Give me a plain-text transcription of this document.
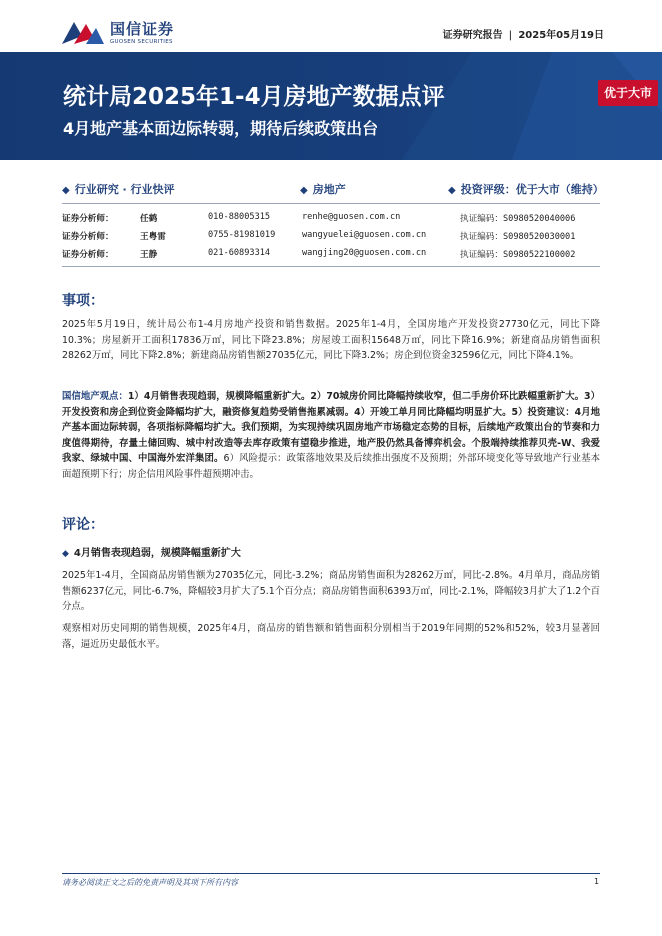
国信证券
GUOSEN SECURITIES
证券研究报告 | 2025年05月19日
统计局2025年1-4月房地产数据点评
4月地产基本面边际转弱，期待后续政策出台
优于大市
◆ 行业研究 · 行业快评	◆ 房地产	◆ 投资评级：优于大市（维持）
证券分析师：	任鹤	010-88005315	renhe@guosen.com.cn	执证编码：S0980520040006
证券分析师：	王粤雷	0755-81981019	wangyuelei@guosen.com.cn	执证编码：S0980520030001
证券分析师：	王静	021-60893314	wangjing20@guosen.com.cn	执证编码：S0980522100002
事项：
2025年5月19日，统计局公布1-4月房地产投资和销售数据。2025年1-4月，全国房地产开发投资27730亿元，同比下降10.3%；房屋新开工面积17836万㎡，同比下降23.8%；房屋竣工面积15648万㎡，同比下降16.9%；新建商品房销售面积28262万㎡，同比下降2.8%；新建商品房销售额27035亿元，同比下降3.2%；房企到位资金32596亿元，同比下降4.1%。
国信地产观点：1）4月销售表现趋弱，规模降幅重新扩大。2）70城房价同比降幅持续收窄，但二手房价环比跌幅重新扩大。3）开发投资和房企到位资金降幅均扩大，融资修复趋势受销售拖累减弱。4）开竣工单月同比降幅均明显扩大。5）投资建议：4月地产基本面边际转弱，各项指标降幅均扩大。我们预期，为实现持续巩固房地产市场稳定态势的目标，后续地产政策出台的节奏和力度值得期待，存量土储回购、城中村改造等去库存政策有望稳步推进，地产股仍然具备博弈机会。个股端持续推荐贝壳-W、我爱我家、绿城中国、中国海外宏洋集团。6）风险提示：政策落地效果及后续推出强度不及预期；外部环境变化等导致地产行业基本面超预期下行；房企信用风险事件超预期冲击。
评论：
◆ 4月销售表现趋弱，规模降幅重新扩大
2025年1-4月，全国商品房销售额为27035亿元，同比-3.2%；商品房销售面积为28262万㎡，同比-2.8%。4月单月，商品房销售额6237亿元，同比-6.7%，降幅较3月扩大了5.1个百分点；商品房销售面积6393万㎡，同比-2.1%，降幅较3月扩大了1.2个百分点。
观察相对历史同期的销售规模，2025年4月，商品房的销售额和销售面积分别相当于2019年同期的52%和52%，较3月显著回落，逼近历史最低水平。
请务必阅读正文之后的免责声明及其项下所有内容	1
